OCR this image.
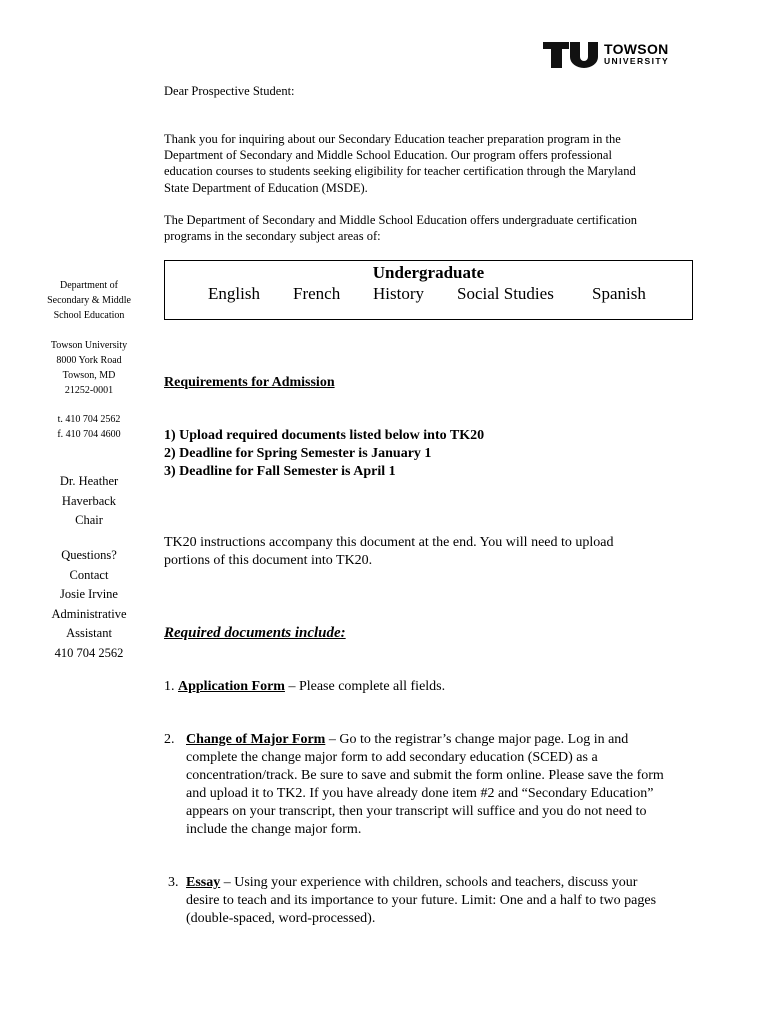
TOWSON
UNIVERSITY
Department of
Secondary & Middle
School Education
Towson University
8000 York Road
Towson, MD
21252-0001
t. 410 704 2562
f. 410 704 4600
Dr. Heather
Haverback
Chair
Questions?
Contact
Josie Irvine
Administrative
Assistant
410 704 2562
Dear Prospective Student:
Thank you for inquiring about our Secondary Education teacher preparation program in the
Department of Secondary and Middle School Education. Our program offers professional
education courses to students seeking eligibility for teacher certification through the Maryland
State Department of Education (MSDE).
The Department of Secondary and Middle School Education offers undergraduate certification
programs in the secondary subject areas of:
Undergraduate
English French History Social Studies Spanish
Requirements for Admission
1) Upload required documents listed below into TK20
2) Deadline for Spring Semester is January 1
3) Deadline for Fall Semester is April 1
TK20 instructions accompany this document at the end. You will need to upload
portions of this document into TK20.
Required documents include:
1. Application Form – Please complete all fields.
2. Change of Major Form – Go to the registrar’s change major page. Log in and
complete the change major form to add secondary education (SCED) as a
concentration/track. Be sure to save and submit the form online. Please save the form
and upload it to TK2. If you have already done item #2 and “Secondary Education”
appears on your transcript, then your transcript will suffice and you do not need to
include the change major form.
3. Essay – Using your experience with children, schools and teachers, discuss your
desire to teach and its importance to your future. Limit: One and a half to two pages
(double-spaced, word-processed).
